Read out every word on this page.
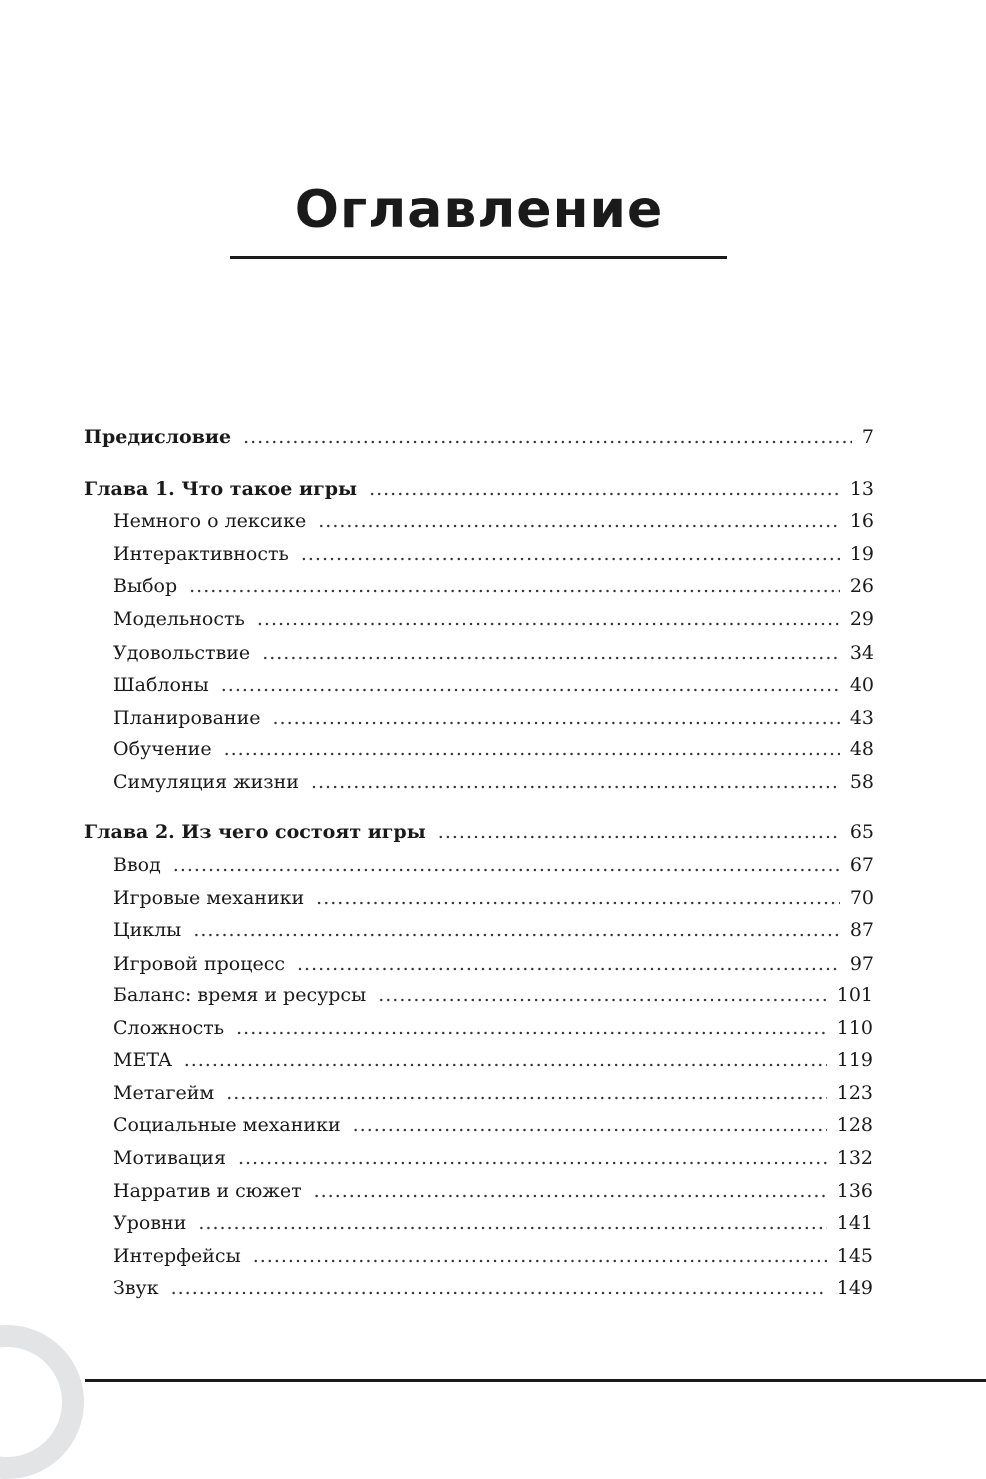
Оглавление
Предисловие .....	7
Глава 1. Что такое игры .....	13
Немного о лексике .....	16
Интерактивность .....	19
Выбор .....	26
Модельность .....	29
Удовольствие .....	34
Шаблоны .....	40
Планирование .....	43
Обучение .....	48
Симуляция жизни .....	58
Глава 2. Из чего состоят игры .....	65
Ввод .....	67
Игровые механики .....	70
Циклы .....	87
Игровой процесс .....	97
Баланс: время и ресурсы .....	101
Сложность .....	110
META .....	119
Метагейм .....	123
Социальные механики .....	128
Мотивация .....	132
Нарратив и сюжет .....	136
Уровни .....	141
Интерфейсы .....	145
Звук .....	149
